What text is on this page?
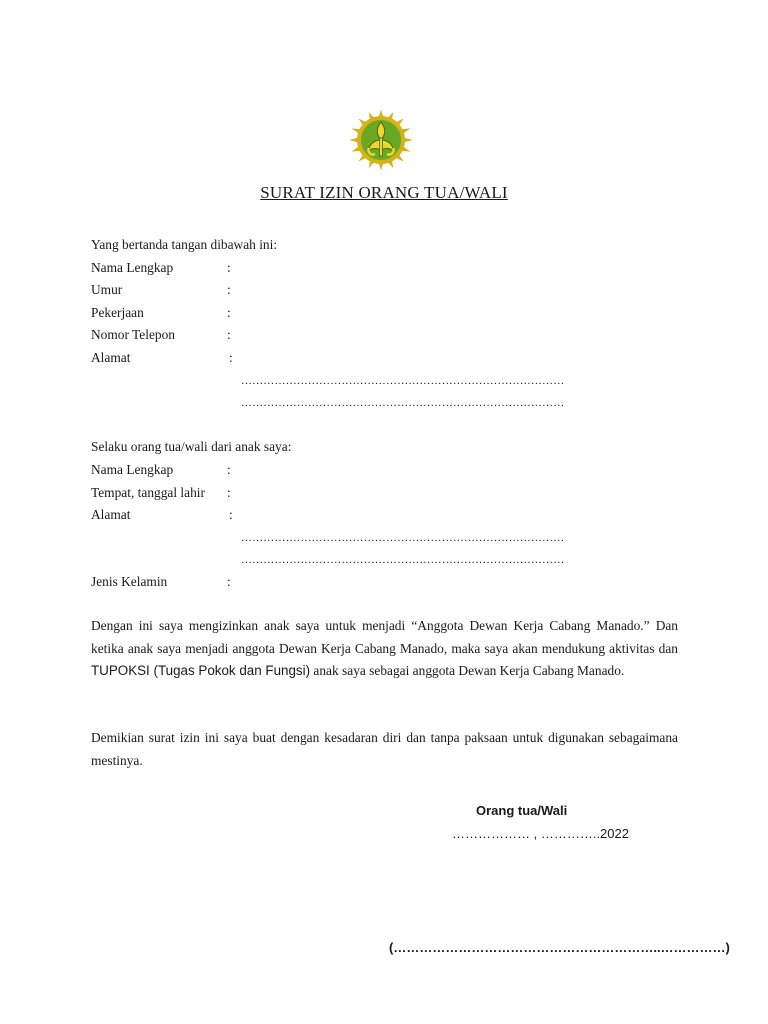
SURAT IZIN ORANG TUA/WALI
Yang bertanda tangan dibawah ini:
Nama Lengkap	:
Umur	:
Pekerjaan	:
Nomor Telepon	:
Alamat	:
……………………………………………………………………………
……………………………………………………………………………
Selaku orang tua/wali dari anak saya:
Nama Lengkap	:
Tempat, tanggal lahir :
Alamat	:
……………………………………………………………………………
……………………………………………………………………………
Jenis Kelamin	:

Dengan ini saya mengizinkan anak saya untuk menjadi “Anggota Dewan Kerja Cabang Manado.” Dan ketika anak saya menjadi anggota Dewan Kerja Cabang Manado, maka saya akan mendukung aktivitas dan TUPOKSI (Tugas Pokok dan Fungsi) anak saya sebagai anggota Dewan Kerja Cabang Manado.

Demikian surat izin ini saya buat dengan kesadaran diri dan tanpa paksaan untuk digunakan sebagaimana mestinya.

Orang tua/Wali
……………… , …………..2022
(……………………………………………………..……………)
